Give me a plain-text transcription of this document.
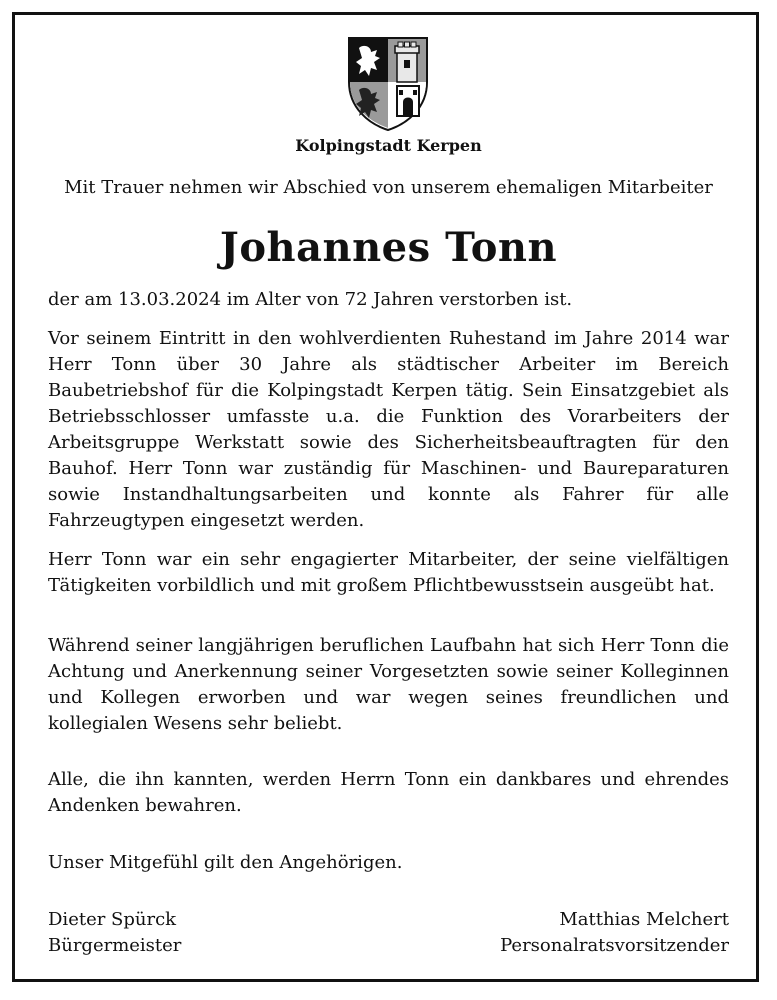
Kolpingstadt Kerpen
Mit Trauer nehmen wir Abschied von unserem ehemaligen Mitarbeiter
Johannes Tonn
der am 13.03.2024 im Alter von 72 Jahren verstorben ist.
Vor seinem Eintritt in den wohlverdienten Ruhestand im Jahre 2014 war Herr Tonn über 30 Jahre als städtischer Arbeiter im Bereich Baubetriebshof für die Kolpingstadt Kerpen tätig. Sein Einsatzgebiet als Betriebsschlosser umfasste u.a. die Funktion des Vorarbeiters der Arbeitsgruppe Werkstatt sowie des Sicherheitsbeauftragten für den Bauhof. Herr Tonn war zuständig für Maschinen- und Baureparaturen sowie Instandhaltungsarbeiten und konnte als Fahrer für alle Fahrzeugtypen eingesetzt werden.
Herr Tonn war ein sehr engagierter Mitarbeiter, der seine vielfältigen Tätigkeiten vorbildlich und mit großem Pflichtbewusstsein ausgeübt hat.
Während seiner langjährigen beruflichen Laufbahn hat sich Herr Tonn die Achtung und Anerkennung seiner Vorgesetzten sowie seiner Kolleginnen und Kollegen erworben und war wegen seines freundlichen und kollegialen Wesens sehr beliebt.
Alle, die ihn kannten, werden Herrn Tonn ein dankbares und ehrendes Andenken bewahren.
Unser Mitgefühl gilt den Angehörigen.
Dieter Spürck
Bürgermeister
Matthias Melchert
Personalratsvorsitzender
